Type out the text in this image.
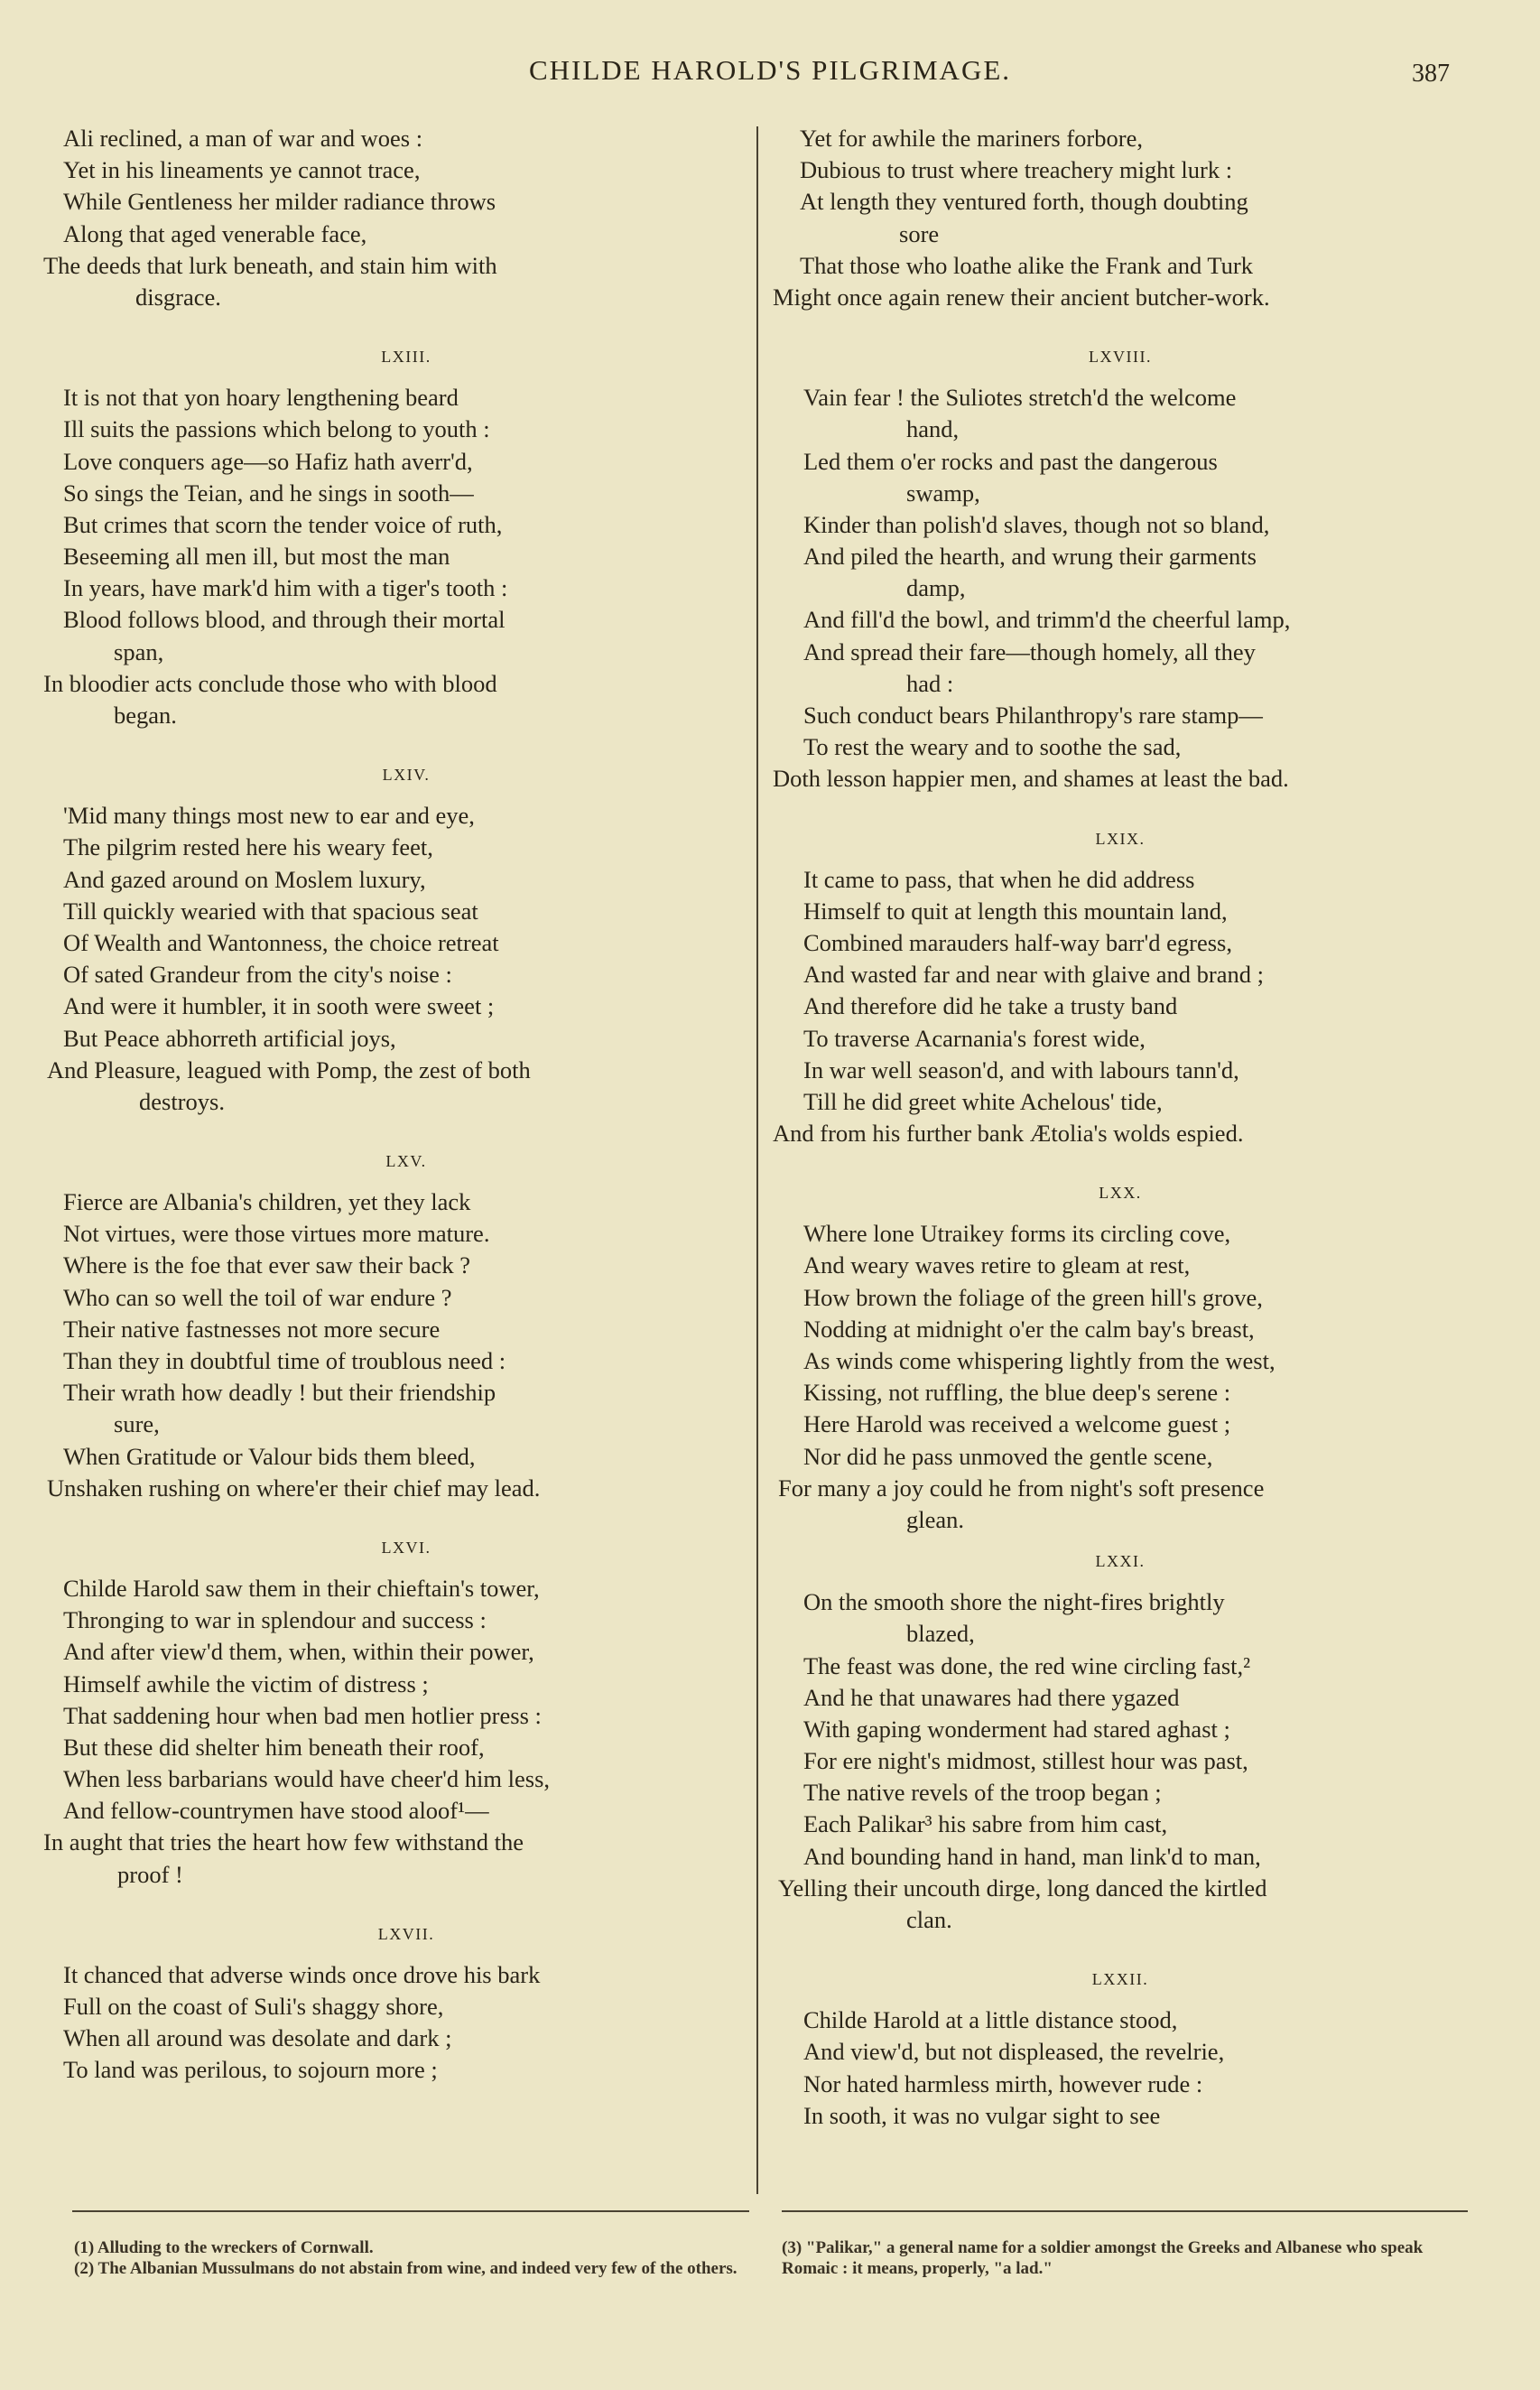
CHILDE HAROLD'S PILGRIMAGE.	387
Ali reclined, a man of war and woes :
Yet in his lineaments ye cannot trace,
While Gentleness her milder radiance throws
Along that aged venerable face,
The deeds that lurk beneath, and stain him with
disgrace.
LXIII.
It is not that yon hoary lengthening beard
Ill suits the passions which belong to youth :
Love conquers age—so Hafiz hath averr'd,
So sings the Teian, and he sings in sooth—
But crimes that scorn the tender voice of ruth,
Beseeming all men ill, but most the man
In years, have mark'd him with a tiger's tooth :
Blood follows blood, and through their mortal
span,
In bloodier acts conclude those who with blood
began.
LXIV.
'Mid many things most new to ear and eye,
The pilgrim rested here his weary feet,
And gazed around on Moslem luxury,
Till quickly wearied with that spacious seat
Of Wealth and Wantonness, the choice retreat
Of sated Grandeur from the city's noise :
And were it humbler, it in sooth were sweet ;
But Peace abhorreth artificial joys,
And Pleasure, leagued with Pomp, the zest of both
destroys.
LXV.
Fierce are Albania's children, yet they lack
Not virtues, were those virtues more mature.
Where is the foe that ever saw their back ?
Who can so well the toil of war endure ?
Their native fastnesses not more secure
Than they in doubtful time of troublous need :
Their wrath how deadly ! but their friendship
sure,
When Gratitude or Valour bids them bleed,
Unshaken rushing on where'er their chief may lead.
LXVI.
Childe Harold saw them in their chieftain's tower,
Thronging to war in splendour and success :
And after view'd them, when, within their power,
Himself awhile the victim of distress ;
That saddening hour when bad men hotlier press :
But these did shelter him beneath their roof,
When less barbarians would have cheer'd him less,
And fellow-countrymen have stood aloof¹—
In aught that tries the heart how few withstand the
proof !
LXVII.
It chanced that adverse winds once drove his bark
Full on the coast of Suli's shaggy shore,
When all around was desolate and dark ;
To land was perilous, to sojourn more ;
Yet for awhile the mariners forbore,
Dubious to trust where treachery might lurk :
At length they ventured forth, though doubting
sore
That those who loathe alike the Frank and Turk
Might once again renew their ancient butcher-work.
LXVIII.
Vain fear ! the Suliotes stretch'd the welcome
hand,
Led them o'er rocks and past the dangerous
swamp,
Kinder than polish'd slaves, though not so bland,
And piled the hearth, and wrung their garments
damp,
And fill'd the bowl, and trimm'd the cheerful lamp,
And spread their fare—though homely, all they
had :
Such conduct bears Philanthropy's rare stamp—
To rest the weary and to soothe the sad,
Doth lesson happier men, and shames at least the bad.
LXIX.
It came to pass, that when he did address
Himself to quit at length this mountain land,
Combined marauders half-way barr'd egress,
And wasted far and near with glaive and brand ;
And therefore did he take a trusty band
To traverse Acarnania's forest wide,
In war well season'd, and with labours tann'd,
Till he did greet white Achelous' tide,
And from his further bank Ætolia's wolds espied.
LXX.
Where lone Utraikey forms its circling cove,
And weary waves retire to gleam at rest,
How brown the foliage of the green hill's grove,
Nodding at midnight o'er the calm bay's breast,
As winds come whispering lightly from the west,
Kissing, not ruffling, the blue deep's serene :
Here Harold was received a welcome guest ;
Nor did he pass unmoved the gentle scene,
For many a joy could he from night's soft presence
glean.
LXXI.
On the smooth shore the night-fires brightly
blazed,
The feast was done, the red wine circling fast,²
And he that unawares had there ygazed
With gaping wonderment had stared aghast ;
For ere night's midmost, stillest hour was past,
The native revels of the troop began ;
Each Palikar³ his sabre from him cast,
And bounding hand in hand, man link'd to man,
Yelling their uncouth dirge, long danced the kirtled
clan.
LXXII.
Childe Harold at a little distance stood,
And view'd, but not displeased, the revelrie,
Nor hated harmless mirth, however rude :
In sooth, it was no vulgar sight to see

(1) Alluding to the wreckers of Cornwall.

(2) The Albanian Mussulmans do not abstain from wine, and indeed very few of the others.

(3) "Palikar," a general name for a soldier amongst the Greeks and Albanese who speak Romaic : it means, properly, "a lad."
